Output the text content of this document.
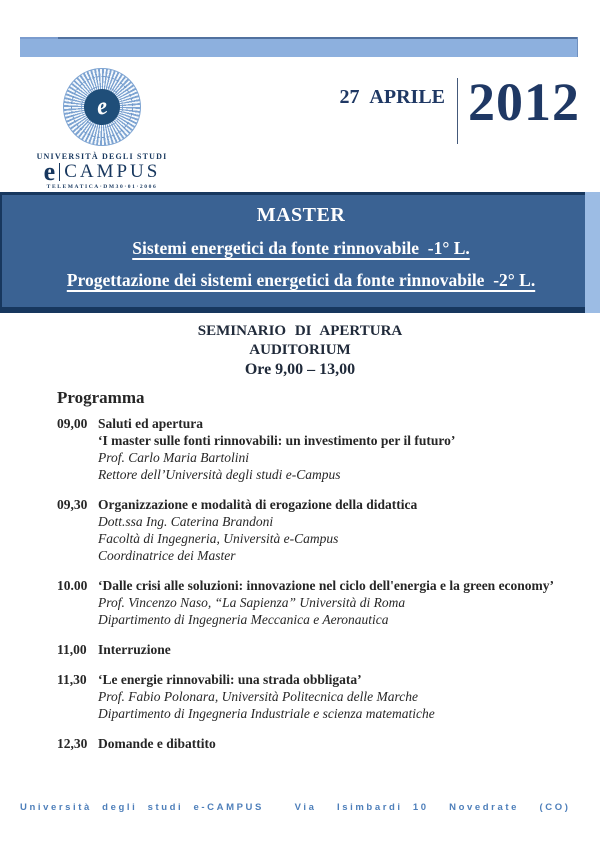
e
UNIVERSITÀ DEGLI STUDI
e CAMPUS
TELEMATICA·DM30·01·2006
27 APRILE 2012
MASTER
Sistemi energetici da fonte rinnovabile  -1° L.
Progettazione dei sistemi energetici da fonte rinnovabile  -2° L.
SEMINARIO DI APERTURA
AUDITORIUM
Ore 9,00 – 13,00
Programma
09,00 Saluti ed apertura
‘I master sulle fonti rinnovabili: un investimento per il futuro’
Prof. Carlo Maria Bartolini
Rettore dell’Università degli studi e-Campus
09,30 Organizzazione e modalità di erogazione della didattica
Dott.ssa Ing. Caterina Brandoni
Facoltà di Ingegneria, Università e-Campus
Coordinatrice dei Master
10.00 ‘Dalle crisi alle soluzioni: innovazione nel ciclo dell'energia e la green economy’
Prof. Vincenzo Naso, “La Sapienza” Università di Roma
Dipartimento di Ingegneria Meccanica e Aeronautica
11,00 Interruzione
11,30 ‘Le energie rinnovabili: una strada obbligata’
Prof. Fabio Polonara, Università Politecnica delle Marche
Dipartimento di Ingegneria Industriale e scienza matematiche
12,30 Domande e dibattito
Università degli studi e-CAMPUS   Via  Isimbardi 10  Novedrate  (CO)
